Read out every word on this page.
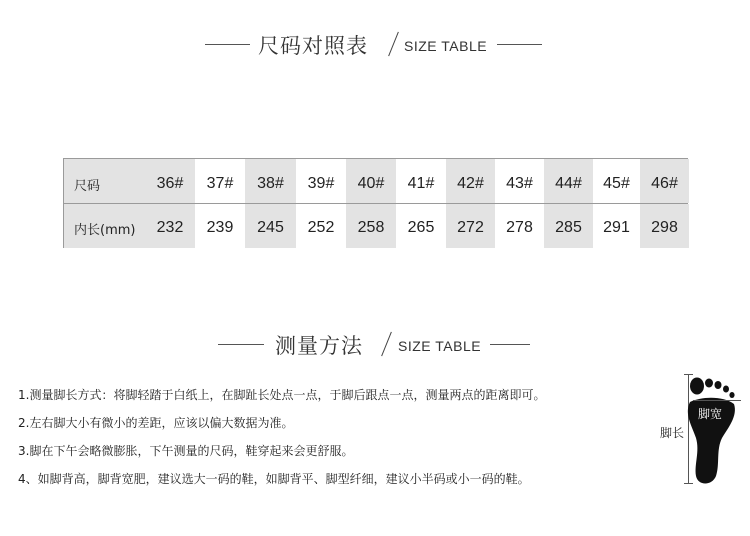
尺码对照表	SIZE TABLE
尺码	36#	37#	38#	39#	40#	41#	42#	43#	44#	45#	46#
内长(mm)	232	239	245	252	258	265	272	278	285	291	298
测量方法	SIZE TABLE
1.测量脚长方式：将脚轻踏于白纸上，在脚趾长处点一点，于脚后跟点一点，测量两点的距离即可。
2.左右脚大小有微小的差距，应该以偏大数据为准。
3.脚在下午会略微膨胀，下午测量的尺码，鞋穿起来会更舒服。
4、如脚背高，脚背宽肥，建议选大一码的鞋，如脚背平、脚型纤细，建议小半码或小一码的鞋。
脚宽
脚长
